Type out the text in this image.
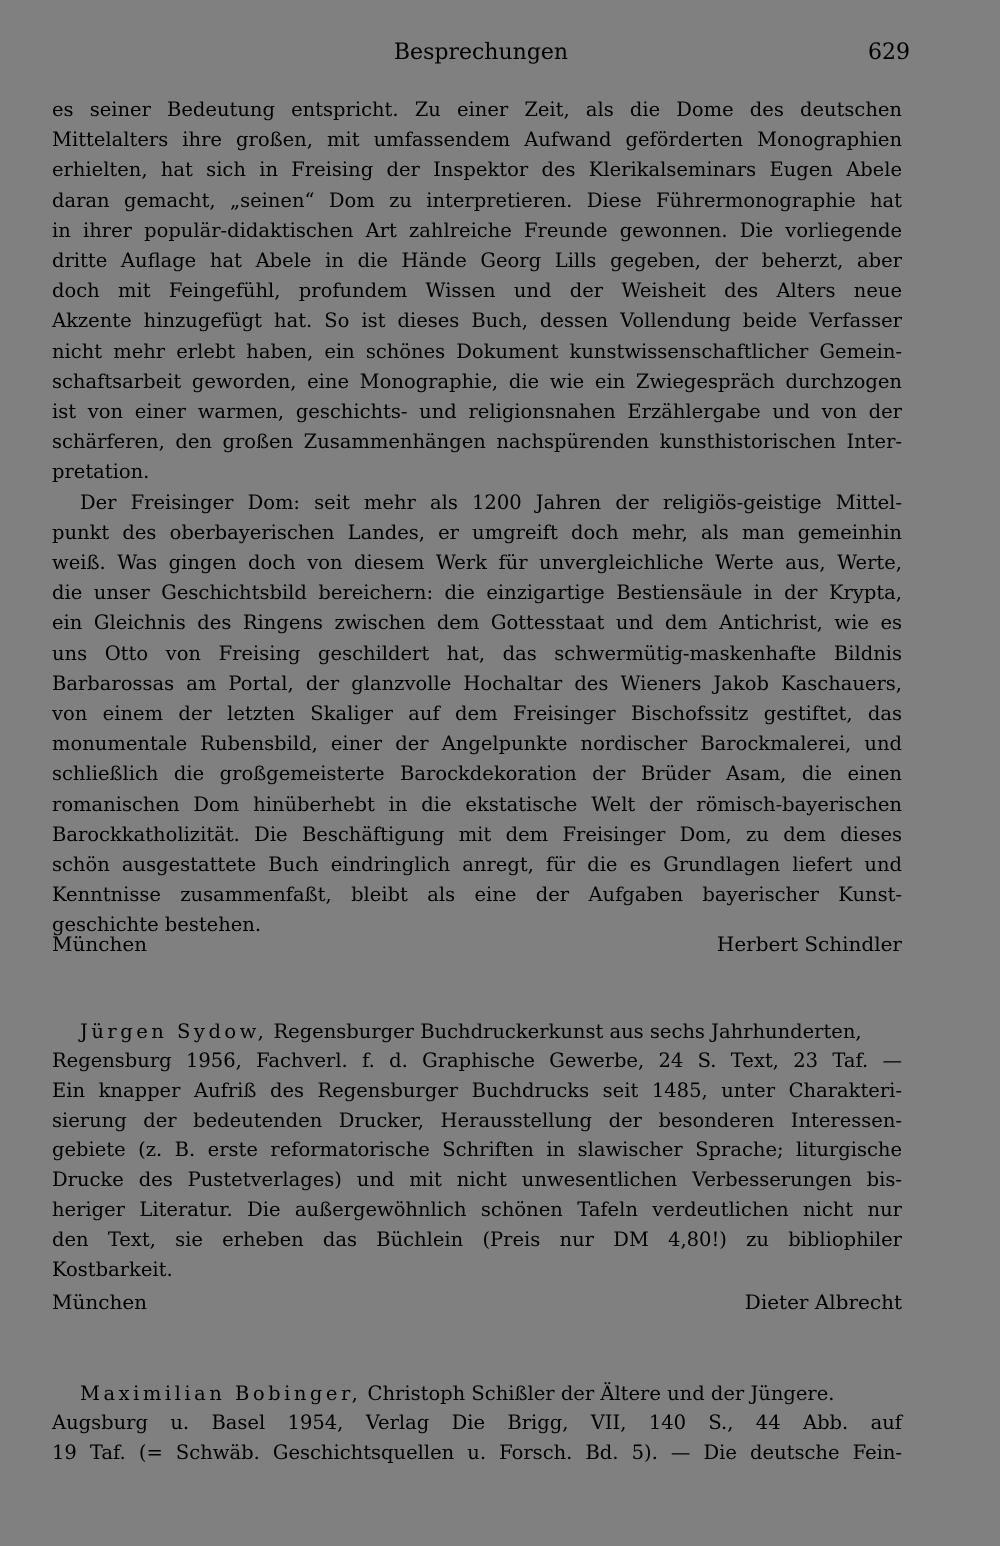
Besprechungen	629
es seiner Bedeutung entspricht. Zu einer Zeit, als die Dome des deutschen
Mittelalters ihre großen, mit umfassendem Aufwand geförderten Monographien
erhielten, hat sich in Freising der Inspektor des Klerikalseminars Eugen Abele
daran gemacht, „seinen“ Dom zu interpretieren. Diese Führermonographie hat
in ihrer populär-didaktischen Art zahlreiche Freunde gewonnen. Die vorliegende
dritte Auflage hat Abele in die Hände Georg Lills gegeben, der beherzt, aber
doch mit Feingefühl, profundem Wissen und der Weisheit des Alters neue
Akzente hinzugefügt hat. So ist dieses Buch, dessen Vollendung beide Verfasser
nicht mehr erlebt haben, ein schönes Dokument kunstwissenschaftlicher Gemein-
schaftsarbeit geworden, eine Monographie, die wie ein Zwiegespräch durchzogen
ist von einer warmen, geschichts- und religionsnahen Erzählergabe und von der
schärferen, den großen Zusammenhängen nachspürenden kunsthistorischen Inter-
pretation.
Der Freisinger Dom: seit mehr als 1200 Jahren der religiös-geistige Mittel-
punkt des oberbayerischen Landes, er umgreift doch mehr, als man gemeinhin
weiß. Was gingen doch von diesem Werk für unvergleichliche Werte aus, Werte,
die unser Geschichtsbild bereichern: die einzigartige Bestiensäule in der Krypta,
ein Gleichnis des Ringens zwischen dem Gottesstaat und dem Antichrist, wie es
uns Otto von Freising geschildert hat, das schwermütig-maskenhafte Bildnis
Barbarossas am Portal, der glanzvolle Hochaltar des Wieners Jakob Kaschauers,
von einem der letzten Skaliger auf dem Freisinger Bischofssitz gestiftet, das
monumentale Rubensbild, einer der Angelpunkte nordischer Barockmalerei, und
schließlich die großgemeisterte Barockdekoration der Brüder Asam, die einen
romanischen Dom hinüberhebt in die ekstatische Welt der römisch-bayerischen
Barockkatholizität. Die Beschäftigung mit dem Freisinger Dom, zu dem dieses
schön ausgestattete Buch eindringlich anregt, für die es Grundlagen liefert und
Kenntnisse zusammenfaßt, bleibt als eine der Aufgaben bayerischer Kunst-
geschichte bestehen.
München	Herbert Schindler
Jürgen Sydow, Regensburger Buchdruckerkunst aus sechs Jahrhunderten,
Regensburg 1956, Fachverl. f. d. Graphische Gewerbe, 24 S. Text, 23 Taf. —
Ein knapper Aufriß des Regensburger Buchdrucks seit 1485, unter Charakteri-
sierung der bedeutenden Drucker, Herausstellung der besonderen Interessen-
gebiete (z. B. erste reformatorische Schriften in slawischer Sprache; liturgische
Drucke des Pustetverlages) und mit nicht unwesentlichen Verbesserungen bis-
heriger Literatur. Die außergewöhnlich schönen Tafeln verdeutlichen nicht nur
den Text, sie erheben das Büchlein (Preis nur DM 4,80!) zu bibliophiler
Kostbarkeit.
München	Dieter Albrecht
Maximilian Bobinger, Christoph Schißler der Ältere und der Jüngere.
Augsburg u. Basel 1954, Verlag Die Brigg, VII, 140 S., 44 Abb. auf
19 Taf. (= Schwäb. Geschichtsquellen u. Forsch. Bd. 5). — Die deutsche Fein-
